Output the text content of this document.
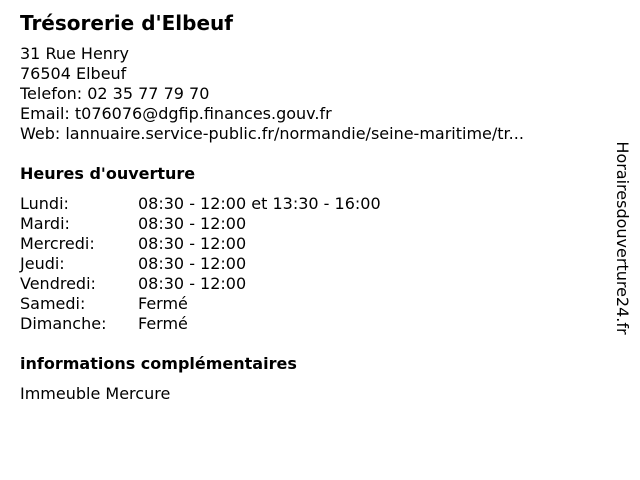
Trésorerie d'Elbeuf
31 Rue Henry
76504 Elbeuf
Telefon: 02 35 77 79 70
Email: t076076@dgfip.finances.gouv.fr
Web: lannuaire.service-public.fr/normandie/seine-maritime/tr...
Heures d'ouverture
Lundi:	08:30 - 12:00 et 13:30 - 16:00
Mardi:	08:30 - 12:00
Mercredi:	08:30 - 12:00
Jeudi:	08:30 - 12:00
Vendredi:	08:30 - 12:00
Samedi:	Fermé
Dimanche:	Fermé
informations complémentaires
Immeuble Mercure
Horairesdouverture24.fr
